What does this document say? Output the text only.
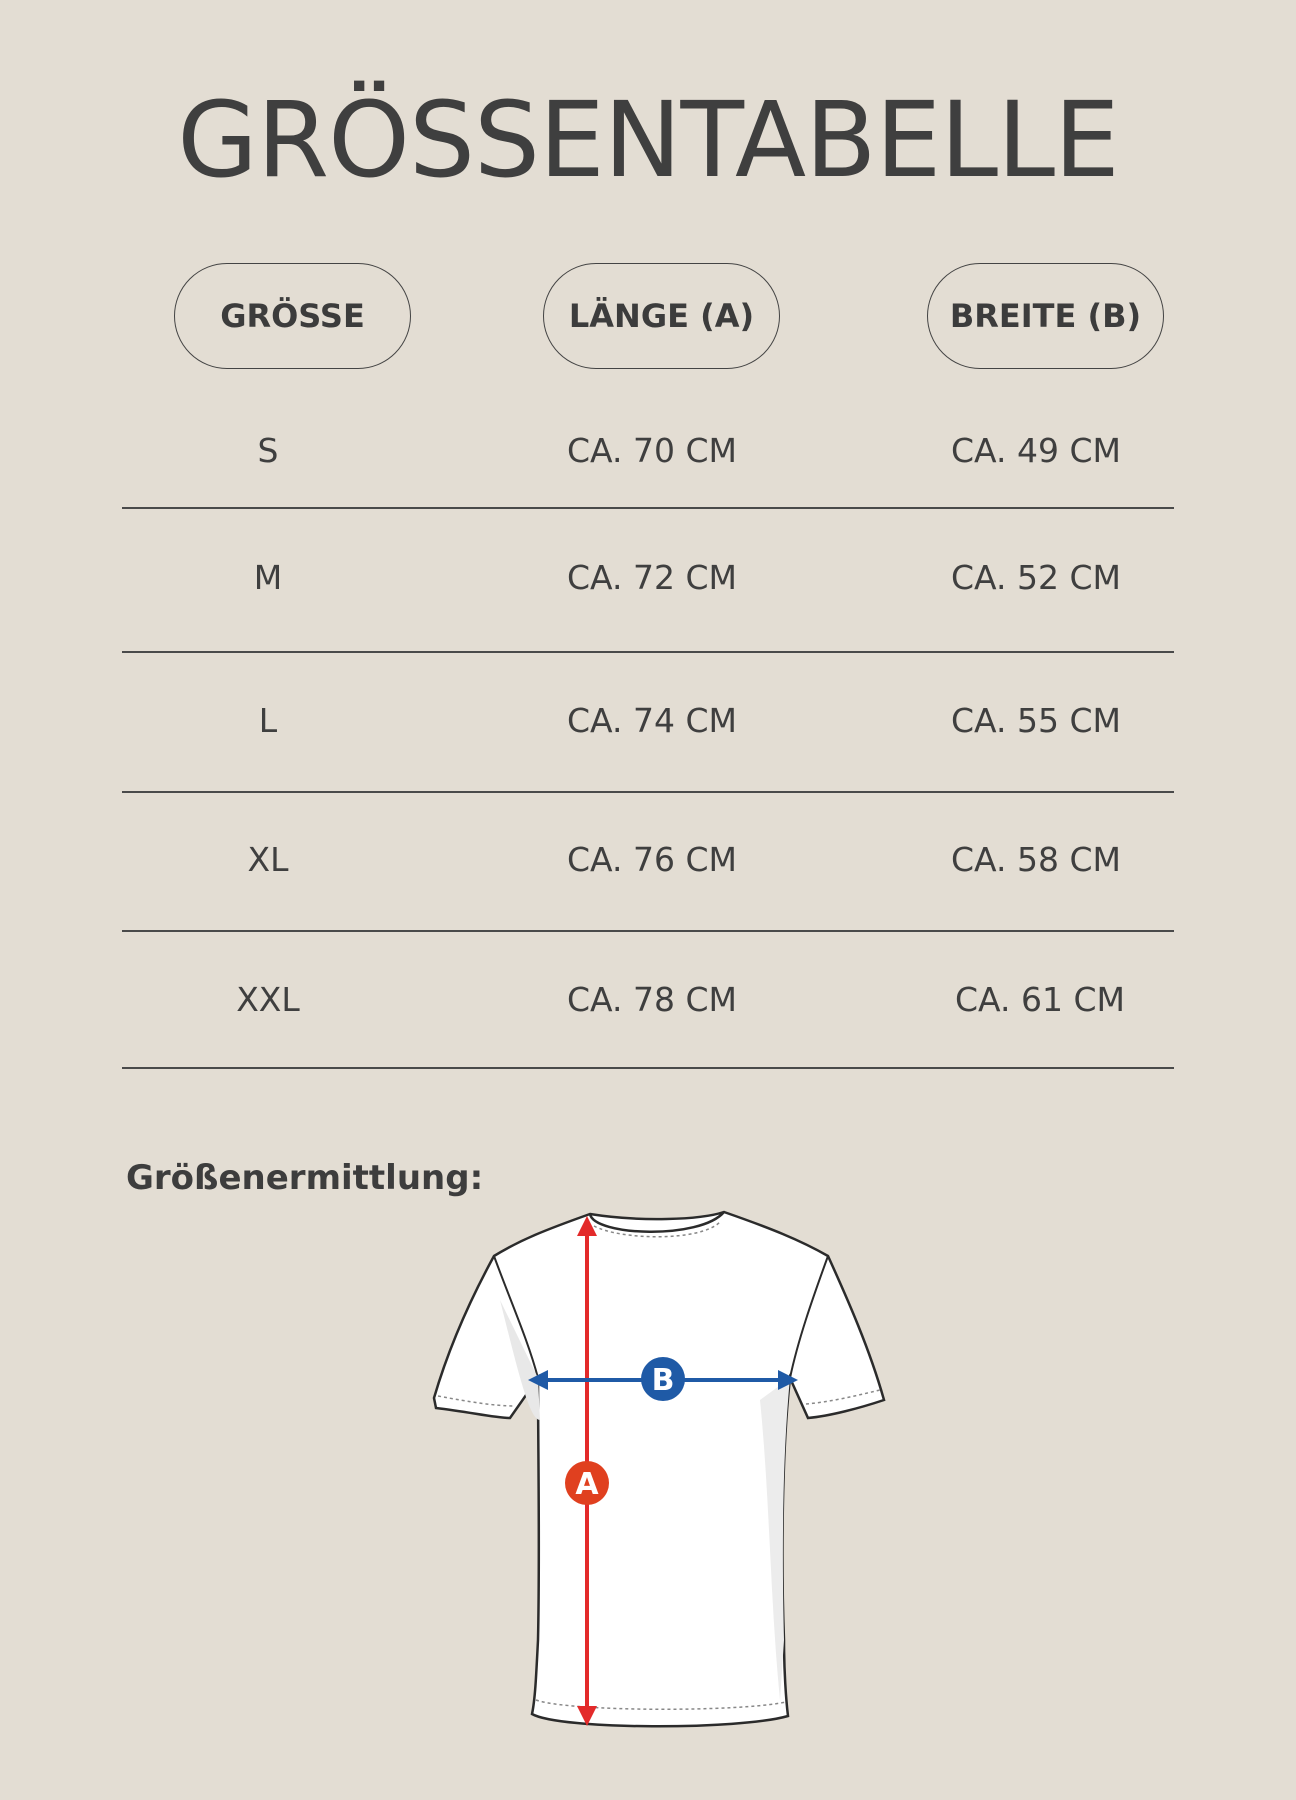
GRÖSSENTABELLE
GRÖSSE	LÄNGE (A)	BREITE (B)
S	CA. 70 CM	CA. 49 CM
M	CA. 72 CM	CA. 52 CM
L	CA. 74 CM	CA. 55 CM
XL	CA. 76 CM	CA. 58 CM
XXL	CA. 78 CM	CA. 61 CM
Größenermittlung:
A
B
